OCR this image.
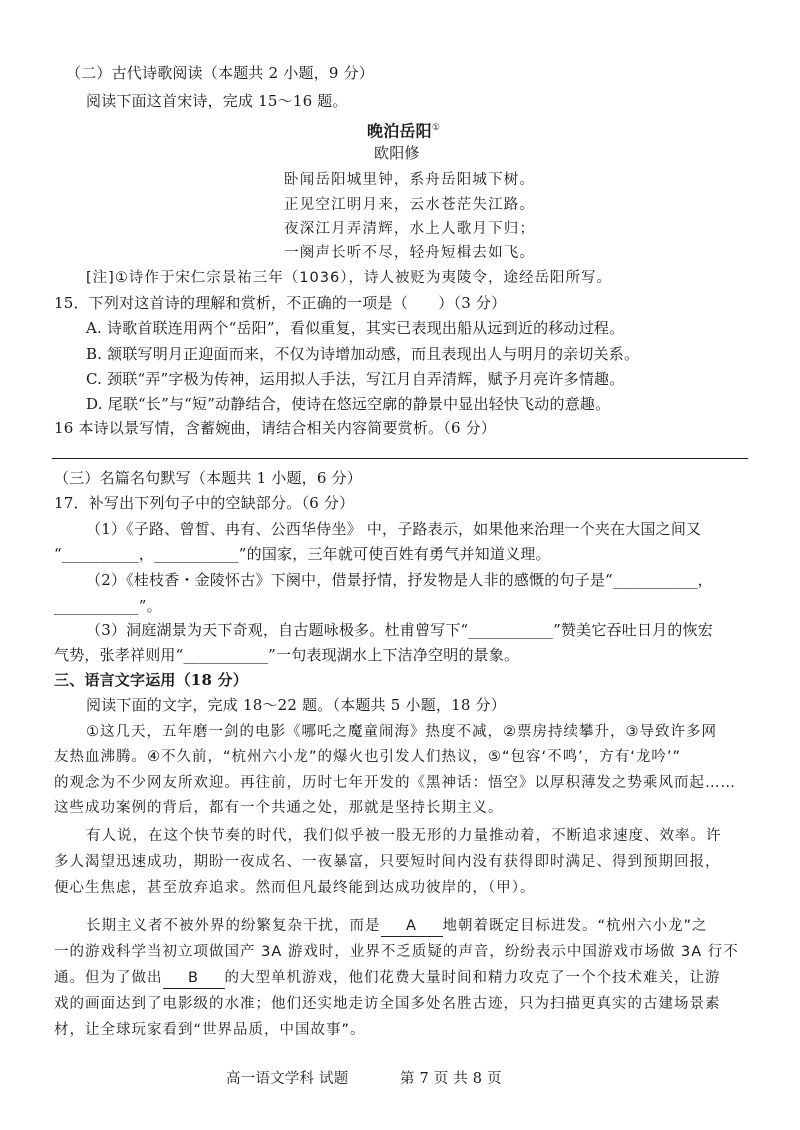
（二）古代诗歌阅读（本题共 2 小题，9 分）
阅读下面这首宋诗，完成 15～16 题。
晚泊岳阳①
欧阳修
卧闻岳阳城里钟，系舟岳阳城下树。
正见空江明月来，云水苍茫失江路。
夜深江月弄清辉，水上人歌月下归；
一阕声长听不尽，轻舟短楫去如飞。
[注]①诗作于宋仁宗景祐三年（1036），诗人被贬为夷陵令，途经岳阳所写。
15．下列对这首诗的理解和赏析，不正确的一项是（　　）（3 分）
A. 诗歌首联连用两个“岳阳”，看似重复，其实已表现出船从远到近的移动过程。
B. 颔联写明月正迎面而来，不仅为诗增加动感，而且表现出人与明月的亲切关系。
C. 颈联“弄”字极为传神，运用拟人手法，写江月自弄清辉，赋予月亮许多情趣。
D. 尾联“长”与“短”动静结合，使诗在悠远空廓的静景中显出轻快飞动的意趣。
16 本诗以景写情，含蓄婉曲，请结合相关内容简要赏析。（6 分）
（三）名篇名句默写（本题共 1 小题，6 分）
17．补写出下列句子中的空缺部分。（6 分）
（1）《子路、曾皙、冉有、公西华侍坐》 中，子路表示，如果他来治理一个夹在大国之间又
“__________，___________”的国家，三年就可使百姓有勇气并知道义理。
（2）《桂枝香・金陵怀古》下阕中，借景抒情，抒发物是人非的感慨的句子是“___________，
___________”。
（3）洞庭湖景为天下奇观，自古题咏极多。杜甫曾写下“___________”赞美它吞吐日月的恢宏
气势，张孝祥则用“___________”一句表现湖水上下洁净空明的景象。
三、语言文字运用（18 分）
阅读下面的文字，完成 18～22 题。（本题共 5 小题，18 分）
①这几天，五年磨一剑的电影《哪吒之魔童闹海》热度不减，②票房持续攀升，③导致许多网
友热血沸腾。④不久前，“杭州六小龙”的爆火也引发人们热议，⑤“包容‘不鸣’，方有‘龙吟’”
的观念为不少网友所欢迎。再往前，历时七年开发的《黑神话：悟空》以厚积薄发之势乘风而起……
这些成功案例的背后，都有一个共通之处，那就是坚持长期主义。
有人说，在这个快节奏的时代，我们似乎被一股无形的力量推动着，不断追求速度、效率。许
多人渴望迅速成功，期盼一夜成名、一夜暴富，只要短时间内没有获得即时满足、得到预期回报，
便心生焦虑，甚至放弃追求。然而但凡最终能到达成功彼岸的，（甲）。
长期主义者不被外界的纷繁复杂干扰，而是 A 地朝着既定目标进发。“杭州六小龙”之
一的游戏科学当初立项做国产 3A 游戏时，业界不乏质疑的声音，纷纷表示中国游戏市场做 3A 行不
通。但为了做出 B 的大型单机游戏，他们花费大量时间和精力攻克了一个个技术难关，让游
戏的画面达到了电影级的水准；他们还实地走访全国多处名胜古迹，只为扫描更真实的古建场景素
材，让全球玩家看到“世界品质，中国故事”。
高一语文学科 试题	第 7 页 共 8 页
